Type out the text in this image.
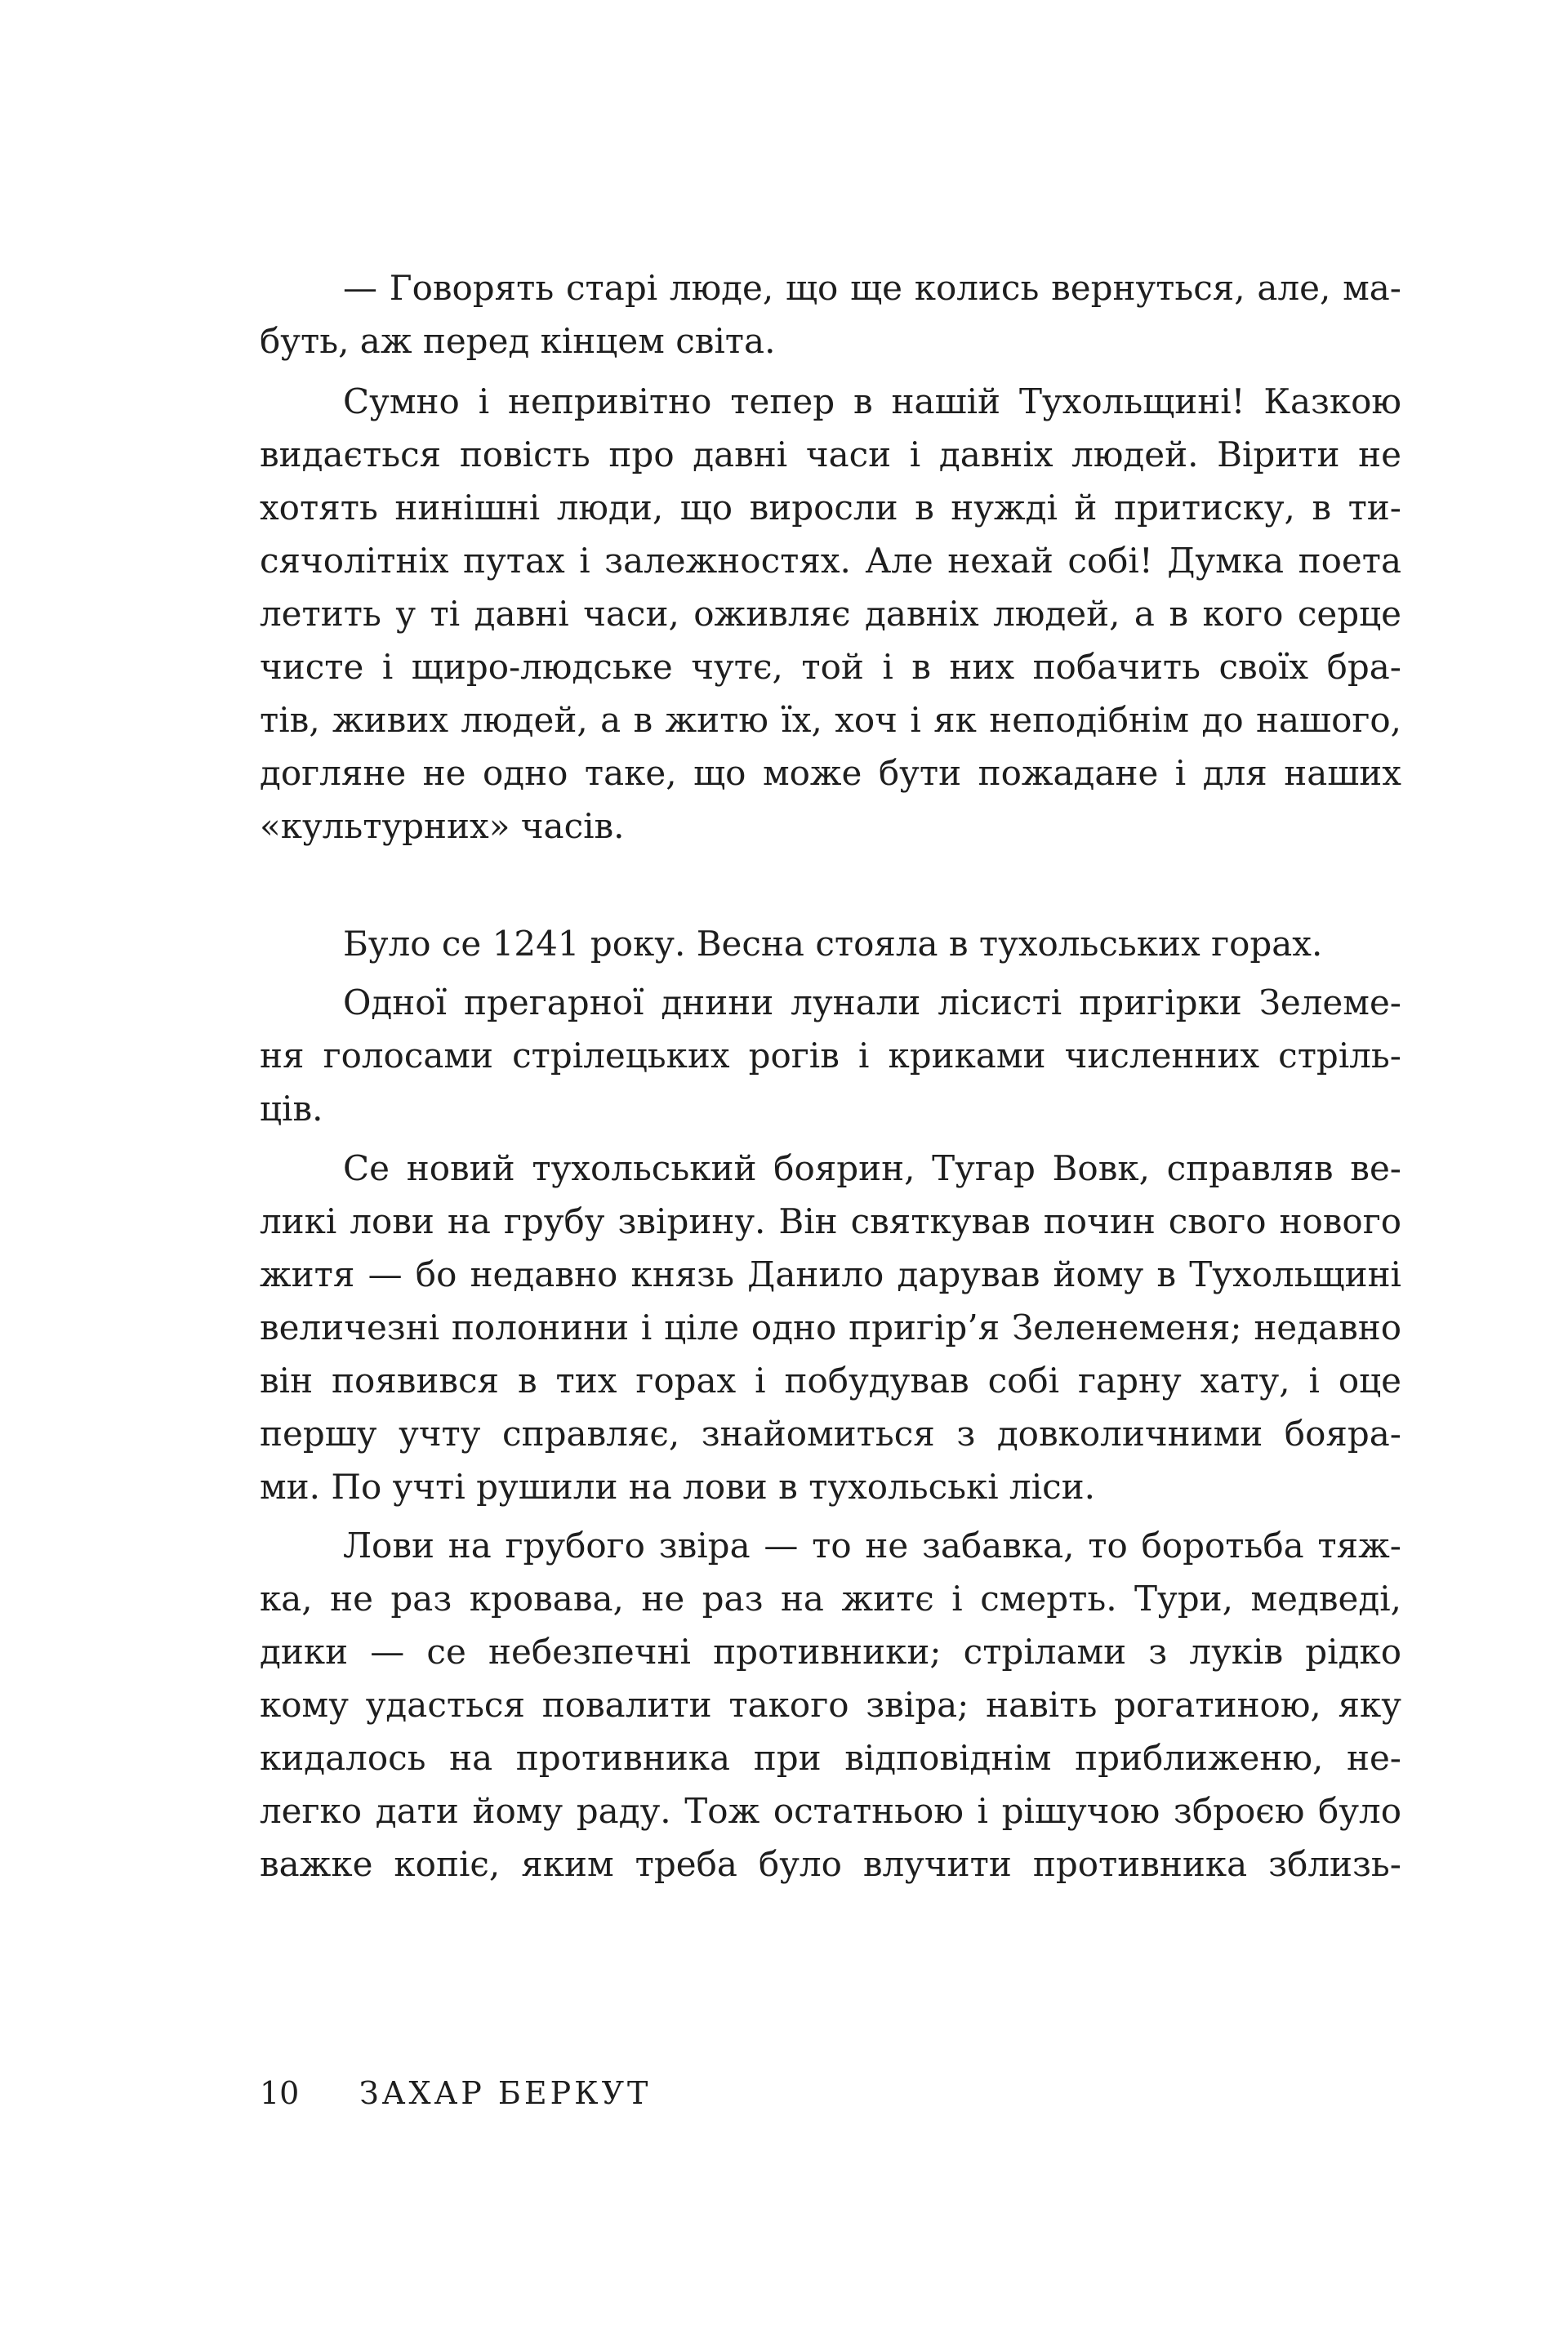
— Говорять старі люде, що ще колись вернуться, але, ма-
буть, аж перед кінцем світа.
Сумно і непривітно тепер в нашій Тухольщині! Казкою
видається повість про давні часи і давніх людей. Вірити не
хотять нинішні люди, що виросли в нужді й притиску, в ти-
сячолітніх путах і залежностях. Але нехай собі! Думка поета
летить у ті давні часи, оживляє давніх людей, а в кого серце
чисте і щиро-людське чутє, той і в них побачить своїх бра-
тів, живих людей, а в житю їх, хоч і як неподібнім до нашого,
догляне не одно таке, що може бути пожадане і для наших
«культурних» часів.
Було се 1241 року. Весна стояла в тухольських горах.
Одної прегарної днини лунали лісисті пригірки Зелеме-
ня голосами стрілецьких рогів і криками численних стріль-
ців.
Се новий тухольський боярин, Тугар Вовк, справляв ве-
ликі лови на грубу звірину. Він святкував почин свого нового
житя — бо недавно князь Данило дарував йому в Тухольщині
величезні полонини і ціле одно пригір’я Зеленеменя; недавно
він появився в тих горах і побудував собі гарну хату, і оце
першу учту справляє, знайомиться з довколичними бояра-
ми. По учті рушили на лови в тухольські ліси.
Лови на грубого звіра — то не забавка, то боротьба тяж-
ка, не раз кровава, не раз на житє і смерть. Тури, медведі,
дики — се небезпечні противники; стрілами з луків рідко
кому удасться повалити такого звіра; навіть рогатиною, яку
кидалось на противника при відповіднім приближеню, не-
легко дати йому раду. Тож остатньою і рішучою зброєю було
важке копіє, яким треба було влучити противника зблизь-
10 ЗАХАР БЕРКУТ
